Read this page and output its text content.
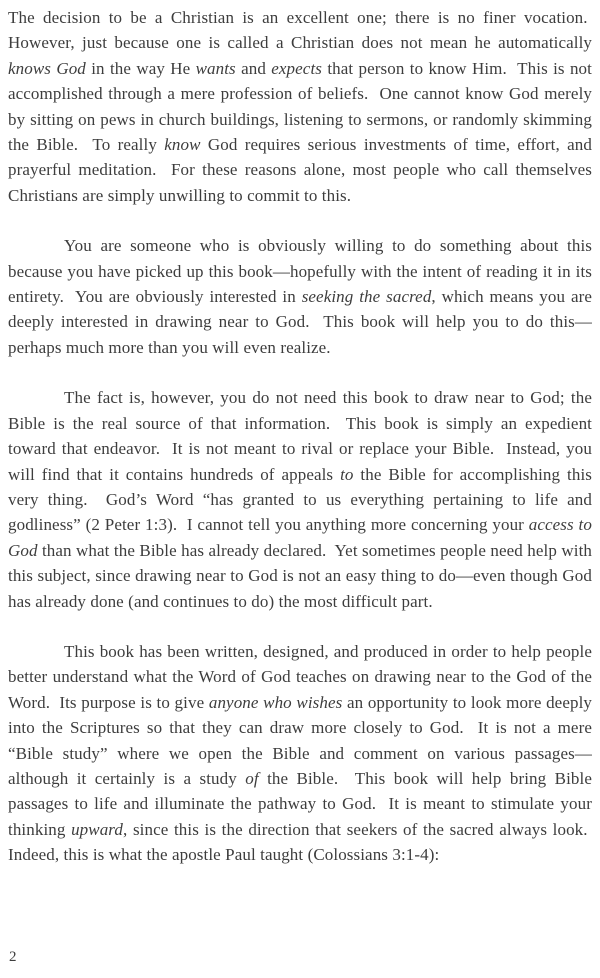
The decision to be a Christian is an excellent one; there is no finer vocation.  However, just because one is called a Christian does not mean he automatically knows God in the way He wants and expects that person to know Him.  This is not accomplished through a mere profession of beliefs.  One cannot know God merely by sitting on pews in church buildings, listening to sermons, or randomly skimming the Bible.  To really know God requires serious investments of time, effort, and prayerful meditation.  For these reasons alone, most people who call themselves Christians are simply unwilling to commit to this.

You are someone who is obviously willing to do something about this because you have picked up this book—hopefully with the intent of reading it in its entirety.  You are obviously interested in seeking the sacred, which means you are deeply interested in drawing near to God.  This book will help you to do this—perhaps much more than you will even realize.

The fact is, however, you do not need this book to draw near to God; the Bible is the real source of that information.  This book is simply an expedient toward that endeavor.  It is not meant to rival or replace your Bible.  Instead, you will find that it contains hundreds of appeals to the Bible for accomplishing this very thing.  God’s Word “has granted to us everything pertaining to life and godliness” (2 Peter 1:3).  I cannot tell you anything more concerning your access to God than what the Bible has already declared.  Yet sometimes people need help with this subject, since drawing near to God is not an easy thing to do—even though God has already done (and continues to do) the most difficult part.

This book has been written, designed, and produced in order to help people better understand what the Word of God teaches on drawing near to the God of the Word.  Its purpose is to give anyone who wishes an opportunity to look more deeply into the Scriptures so that they can draw more closely to God.  It is not a mere “Bible study” where we open the Bible and comment on various passages—although it certainly is a study of the Bible.  This book will help bring Bible passages to life and illuminate the pathway to God.  It is meant to stimulate your thinking upward, since this is the direction that seekers of the sacred always look.  Indeed, this is what the apostle Paul taught (Colossians 3:1-4):

2
